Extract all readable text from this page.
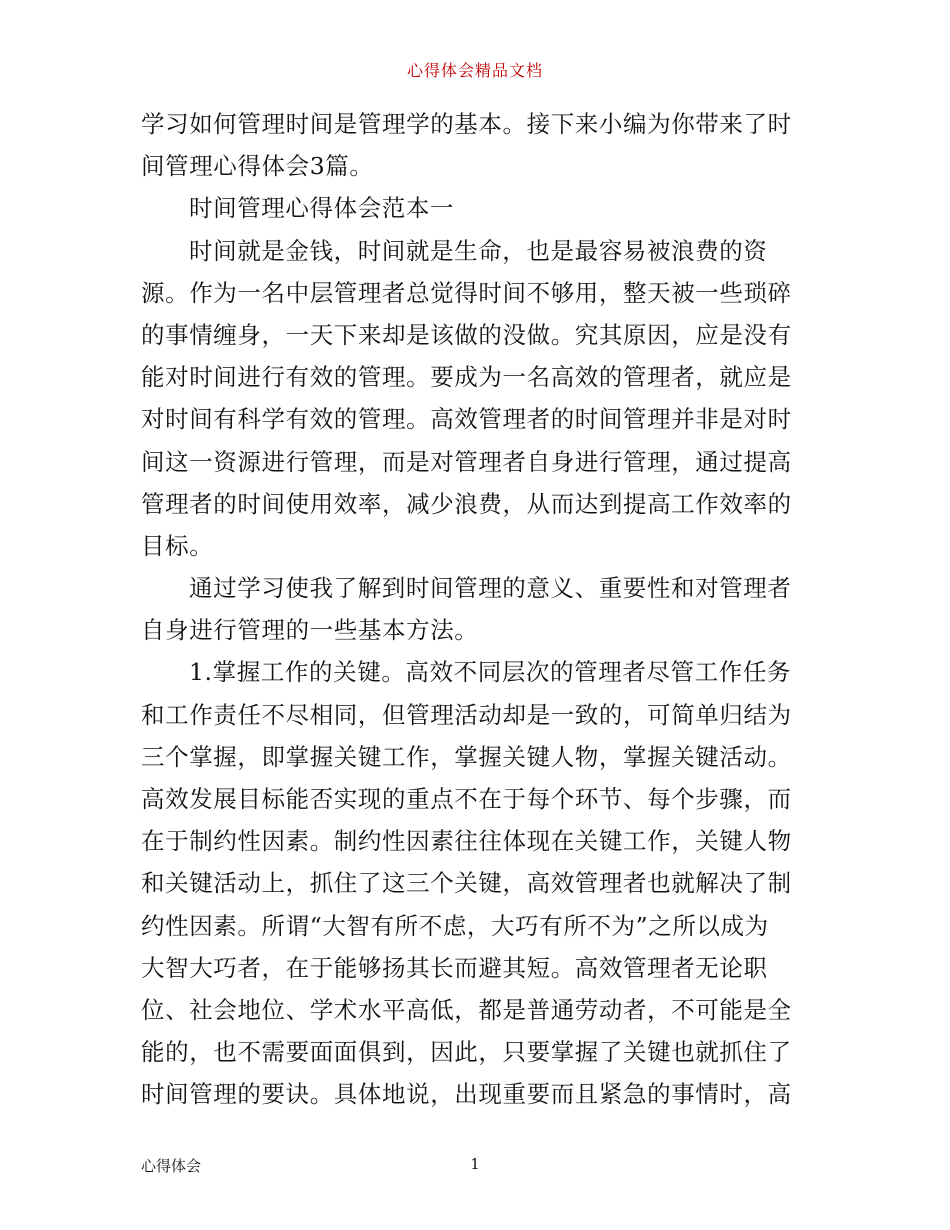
心得体会精品文档
学习如何管理时间是管理学的基本。接下来小编为你带来了时
间管理心得体会3篇。
时间管理心得体会范本一
时间就是金钱，时间就是生命，也是最容易被浪费的资
源。作为一名中层管理者总觉得时间不够用，整天被一些琐碎
的事情缠身，一天下来却是该做的没做。究其原因，应是没有
能对时间进行有效的管理。要成为一名高效的管理者，就应是
对时间有科学有效的管理。高效管理者的时间管理并非是对时
间这一资源进行管理，而是对管理者自身进行管理，通过提高
管理者的时间使用效率，减少浪费，从而达到提高工作效率的
目标。
通过学习使我了解到时间管理的意义、重要性和对管理者
自身进行管理的一些基本方法。
1.掌握工作的关键。高效不同层次的管理者尽管工作任务
和工作责任不尽相同，但管理活动却是一致的，可简单归结为
三个掌握，即掌握关键工作，掌握关键人物，掌握关键活动。
高效发展目标能否实现的重点不在于每个环节、每个步骤，而
在于制约性因素。制约性因素往往体现在关键工作，关键人物
和关键活动上，抓住了这三个关键，高效管理者也就解决了制
约性因素。所谓“大智有所不虑，大巧有所不为”之所以成为
大智大巧者，在于能够扬其长而避其短。高效管理者无论职
位、社会地位、学术水平高低，都是普通劳动者，不可能是全
能的，也不需要面面俱到，因此，只要掌握了关键也就抓住了
时间管理的要诀。具体地说，出现重要而且紧急的事情时，高
心得体会	1
